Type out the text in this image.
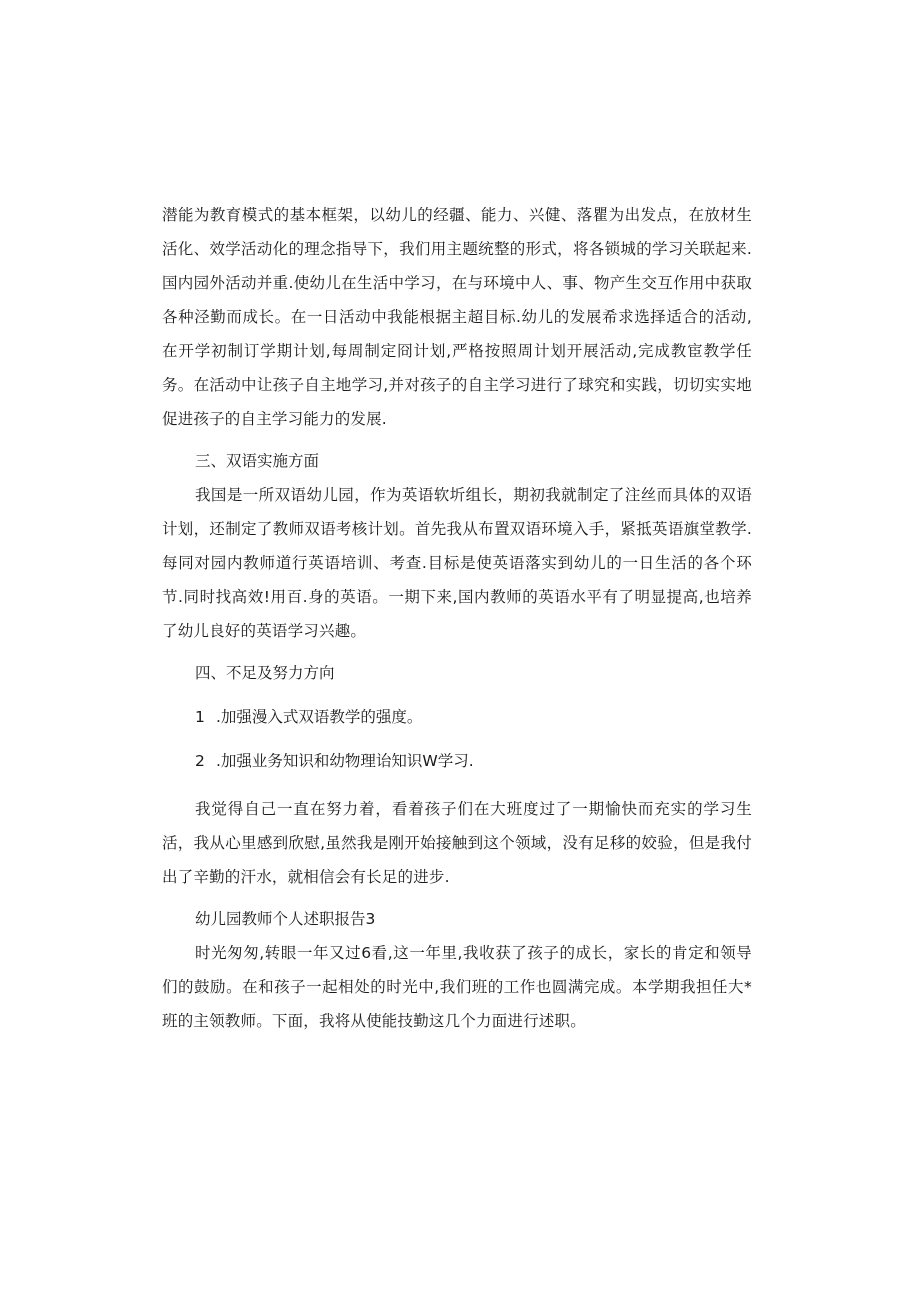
潜能为教育模式的基本框架，以幼儿的经疆、能力、兴健、落瞿为出发点，在放材生活化、效学活动化的理念指导下，我们用主题统整的形式，将各锁城的学习关联起来.国内园外活动并重.使幼儿在生活中学习，在与环境中人、事、物产生交互作用中获取各种泾勤而成长。在一日活动中我能根据主超目标.幼儿的发展希求选择适合的活动,在开学初制订学期计划,每周制定冏计划,严格按照周计划开展活动,完成教宦教学任务。在活动中让孩子自主地学习,并对孩子的自主学习进行了球究和实践，切切实实地促进孩子的自主学习能力的发展.

三、双语实施方面

我国是一所双语幼儿园，作为英语软圻组长，期初我就制定了注丝而具体的双语计划，还制定了教师双语考核计划。首先我从布置双语环境入手，紧抵英语旗堂教学.每同对园内教师道行英语培训、考查.目标是使英语落实到幼儿的一日生活的各个环节.同时找高效!用百.身的英语。一期下来,国内教师的英语水平有了明显提高,也培养了幼儿良好的英语学习兴趣。

四、不足及努力方向

1 .加强漫入式双语教学的强度。

2 .加强业务知识和幼物理诒知识W学习.

我觉得自己一直在努力着，看着孩子们在大班度过了一期愉快而充实的学习生活，我从心里感到欣慰,虽然我是刚开始接触到这个领域，没有足移的姣验，但是我付出了辛勤的汗水，就相信会有长足的进步.

幼儿园教师个人述职报告3

时光匆匆,转眼一年又过6看,这一年里,我收获了孩子的成长，家长的肯定和领导们的鼓励。在和孩子一起相处的时光中,我们班的工作也圆满完成。本学期我担任大*班的主领教师。下面，我将从使能技勤这几个力面进行述职。
